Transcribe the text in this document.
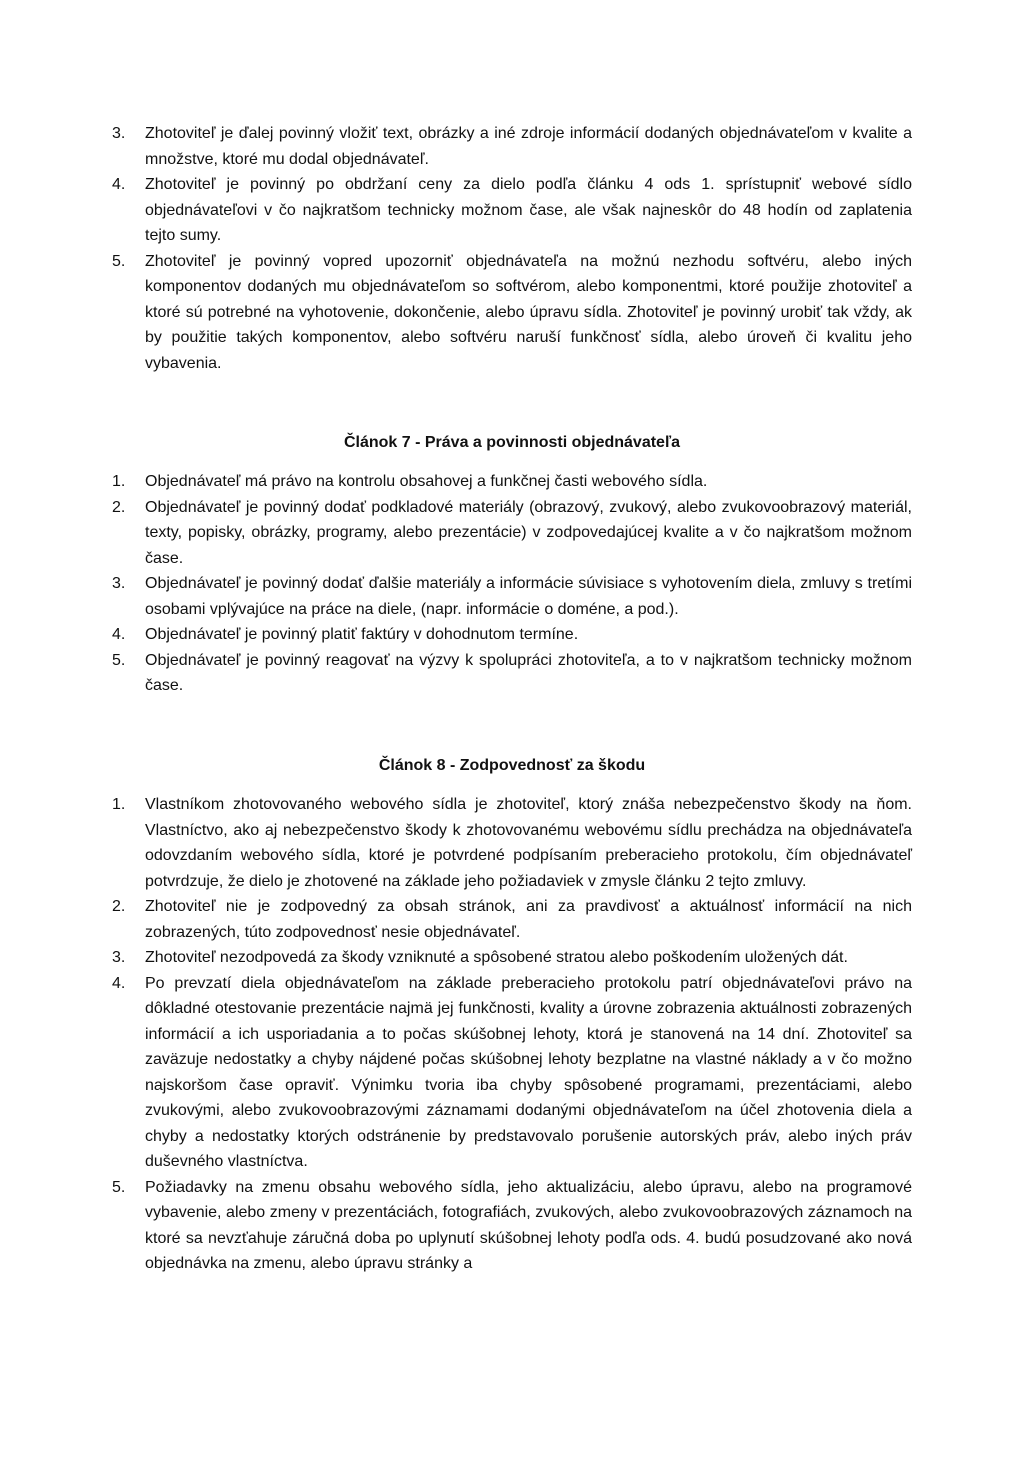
3.	Zhotoviteľ je ďalej povinný vložiť text, obrázky a iné zdroje informácií dodaných objednávateľom v kvalite a množstve, ktoré mu dodal objednávateľ.
4.	Zhotoviteľ je povinný po obdržaní ceny za dielo podľa článku 4 ods 1. sprístupniť webové sídlo objednávateľovi v čo najkratšom technicky možnom čase, ale však najneskôr do 48 hodín od zaplatenia tejto sumy.
5.	Zhotoviteľ je povinný vopred upozorniť objednávateľa na možnú nezhodu softvéru, alebo iných komponentov dodaných mu objednávateľom so softvérom, alebo komponentmi, ktoré použije zhotoviteľ a ktoré sú potrebné na vyhotovenie, dokončenie, alebo úpravu sídla. Zhotoviteľ je povinný urobiť tak vždy, ak by použitie takých komponentov, alebo softvéru naruší funkčnosť sídla, alebo úroveň či kvalitu jeho vybavenia.
Článok 7 - Práva a povinnosti objednávateľa
1.	Objednávateľ má právo na kontrolu obsahovej a funkčnej časti webového sídla.
2.	Objednávateľ je povinný dodať podkladové materiály (obrazový, zvukový, alebo zvukovoobrazový materiál, texty, popisky, obrázky, programy, alebo prezentácie) v zodpovedajúcej kvalite a v čo najkratšom možnom čase.
3.	Objednávateľ je povinný dodať ďalšie materiály a informácie súvisiace s vyhotovením diela, zmluvy s tretími osobami vplývajúce na práce na diele, (napr. informácie o doméne, a pod.).
4.	Objednávateľ je povinný platiť faktúry v dohodnutom termíne.
5.	Objednávateľ je povinný reagovať na výzvy k spolupráci zhotoviteľa, a to v najkratšom technicky možnom čase.
Článok 8 - Zodpovednosť za škodu
1.	Vlastníkom zhotovovaného webového sídla je zhotoviteľ, ktorý znáša nebezpečenstvo škody na ňom. Vlastníctvo, ako aj nebezpečenstvo škody k zhotovovanému webovému sídlu prechádza na objednávateľa odovzdaním webového sídla, ktoré je potvrdené podpísaním preberacieho protokolu, čím objednávateľ potvrdzuje, že dielo je zhotovené na základe jeho požiadaviek v zmysle článku 2 tejto zmluvy.
2.	Zhotoviteľ nie je zodpovedný za obsah stránok, ani za pravdivosť a aktuálnosť informácií na nich zobrazených, túto zodpovednosť nesie objednávateľ.
3.	Zhotoviteľ nezodpovedá za škody vzniknuté a spôsobené stratou alebo poškodením uložených dát.
4.	Po prevzatí diela objednávateľom na základe preberacieho protokolu patrí objednávateľovi právo na dôkladné otestovanie prezentácie najmä jej funkčnosti, kvality a úrovne zobrazenia aktuálnosti zobrazených informácií a ich usporiadania a to počas skúšobnej lehoty, ktorá je stanovená na 14 dní. Zhotoviteľ sa zaväzuje nedostatky a chyby nájdené počas skúšobnej lehoty bezplatne na vlastné náklady a v čo možno najskoršom čase opraviť. Výnimku tvoria iba chyby spôsobené programami, prezentáciami, alebo zvukovými, alebo zvukovoobrazovými záznamami dodanými objednávateľom na účel zhotovenia diela a chyby a nedostatky ktorých odstránenie by predstavovalo porušenie autorských práv, alebo iných práv duševného vlastníctva.
5.	Požiadavky na zmenu obsahu webového sídla, jeho aktualizáciu, alebo úpravu, alebo na programové vybavenie, alebo zmeny v prezentáciách, fotografiách, zvukových, alebo zvukovoobrazových záznamoch na ktoré sa nevzťahuje záručná doba po uplynutí skúšobnej lehoty podľa ods. 4. budú posudzované ako nová objednávka na zmenu, alebo úpravu stránky a
